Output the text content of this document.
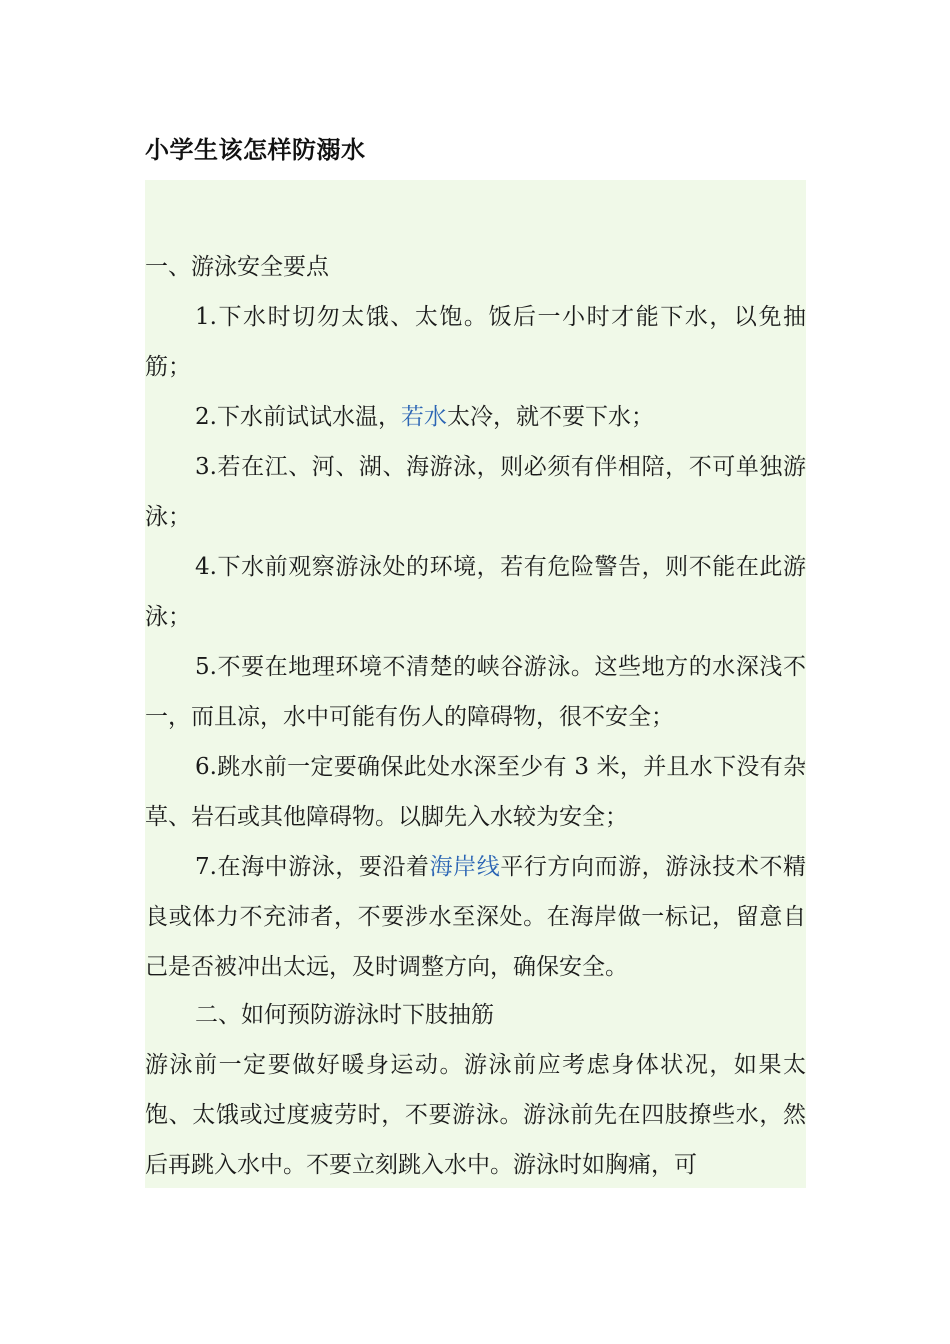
小学生该怎样防溺水

一、游泳安全要点

1.下水时切勿太饿、太饱。饭后一小时才能下水，以免抽筋；

2.下水前试试水温，若水太冷，就不要下水；

3.若在江、河、湖、海游泳，则必须有伴相陪，不可单独游泳；

4.下水前观察游泳处的环境，若有危险警告，则不能在此游泳；

5.不要在地理环境不清楚的峡谷游泳。这些地方的水深浅不一，而且凉，水中可能有伤人的障碍物，很不安全；

6.跳水前一定要确保此处水深至少有 3 米，并且水下没有杂草、岩石或其他障碍物。以脚先入水较为安全；

7.在海中游泳，要沿着海岸线平行方向而游，游泳技术不精良或体力不充沛者，不要涉水至深处。在海岸做一标记，留意自己是否被冲出太远，及时调整方向，确保安全。

二、如何预防游泳时下肢抽筋

游泳前一定要做好暖身运动。游泳前应考虑身体状况，如果太饱、太饿或过度疲劳时，不要游泳。游泳前先在四肢撩些水，然后再跳入水中。不要立刻跳入水中。游泳时如胸痛，可
